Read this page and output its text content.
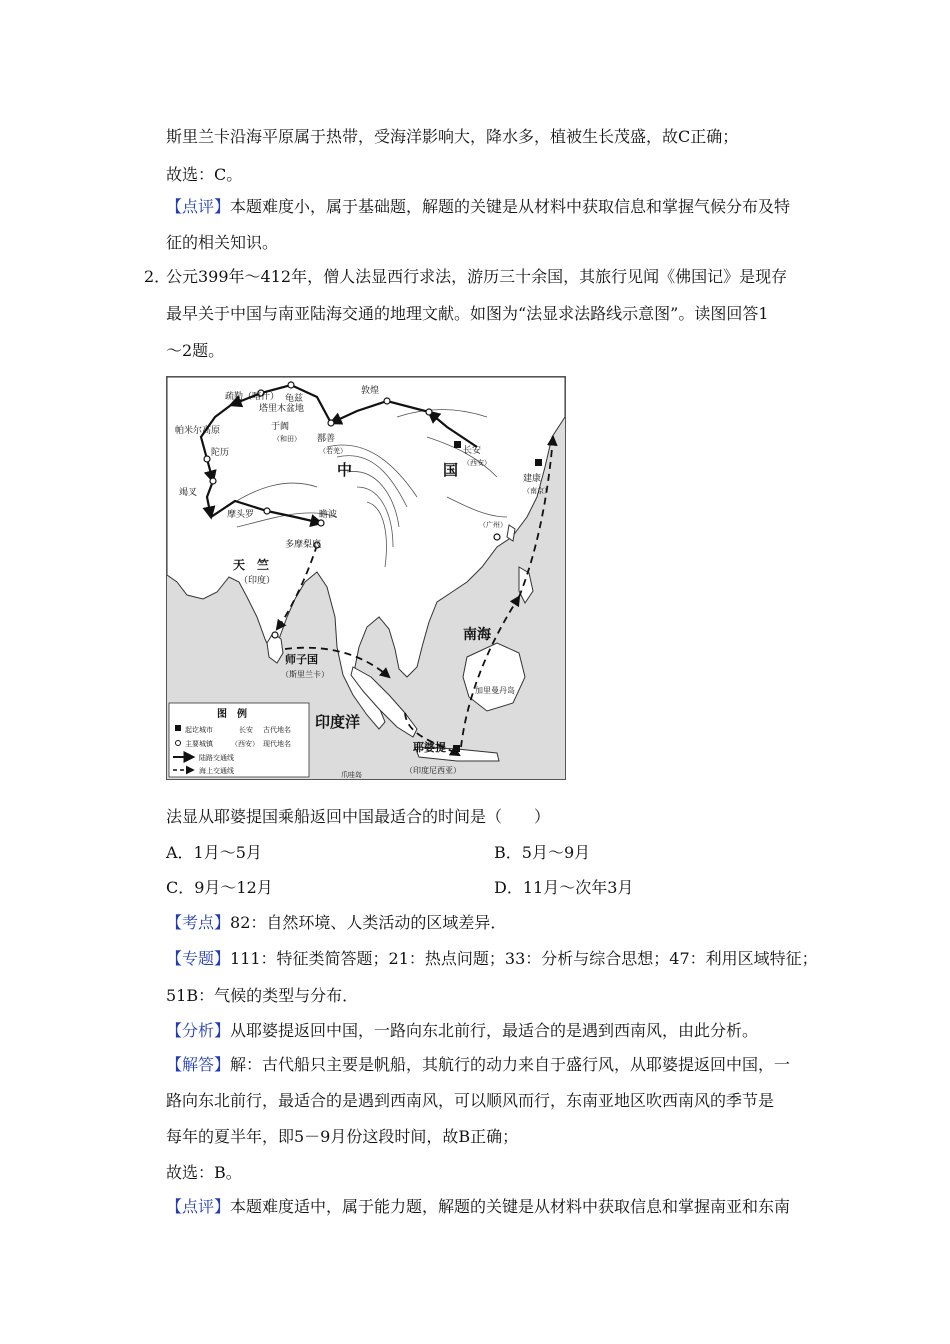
斯里兰卡沿海平原属于热带，受海洋影响大，降水多，植被生长茂盛，故C正确；
故选：C。
【点评】本题难度小，属于基础题，解题的关键是从材料中获取信息和掌握气候分布及特
征的相关知识。
2．
公元399年～412年，僧人法显西行求法，游历三十余国，其旅行见闻《佛国记》是现存
最早关于中国与南亚陆海交通的地理文献。如图为“法显求法路线示意图”。读图回答1
～2题。
帕米尔高原
疏勒（喀什） 龟兹
塔里木盆地
于阗
（和田）
敦煌
鄯善
（若羌）	长安
（西安）
建康
（南京）
（广州）
竭叉
陀历
摩头罗	瞻波
多摩梨底
爪哇岛
加里曼丹岛
中	国
天　竺
南海
印度洋
（印度）
师子国
（斯里兰卡）
耶婆提
（印度尼西亚）
图　例
起讫城市	长安 古代地名
主要城镇	（西安） 现代地名
陆路交通线
海上交通线
法显从耶婆提国乘船返回中国最适合的时间是（　　）
A．1月～5月	B．5月～9月
C．9月～12月	D．11月～次年3月
【考点】82：自然环境、人类活动的区域差异．
【专题】111：特征类简答题；21：热点问题；33：分析与综合思想；47：利用区域特征；
51B：气候的类型与分布．
【分析】从耶婆提返回中国，一路向东北前行，最适合的是遇到西南风，由此分析。
【解答】解：古代船只主要是帆船，其航行的动力来自于盛行风，从耶婆提返回中国，一
路向东北前行，最适合的是遇到西南风，可以顺风而行，东南亚地区吹西南风的季节是
每年的夏半年，即5－9月份这段时间，故B正确；
故选：B。
【点评】本题难度适中，属于能力题，解题的关键是从材料中获取信息和掌握南亚和东南
